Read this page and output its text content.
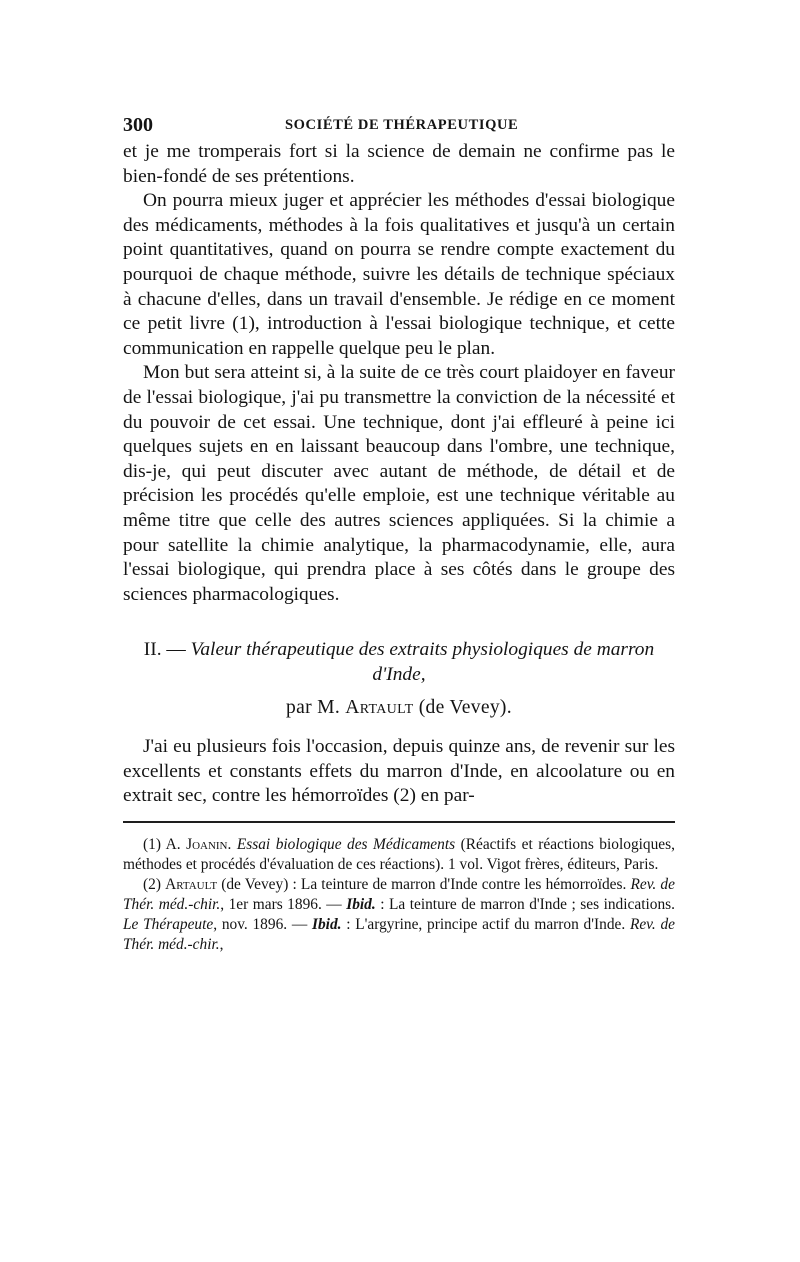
300	SOCIÉTÉ DE THÉRAPEUTIQUE

et je me tromperais fort si la science de demain ne confirme pas le bien-fondé de ses prétentions.

On pourra mieux juger et apprécier les méthodes d'essai biologique des médicaments, méthodes à la fois qualitatives et jusqu'à un certain point quantitatives, quand on pourra se rendre compte exactement du pourquoi de chaque méthode, suivre les détails de technique spéciaux à chacune d'elles, dans un travail d'ensemble. Je rédige en ce moment ce petit livre (1), introduction à l'essai biologique technique, et cette communication en rappelle quelque peu le plan.

Mon but sera atteint si, à la suite de ce très court plaidoyer en faveur de l'essai biologique, j'ai pu transmettre la conviction de la nécessité et du pouvoir de cet essai. Une technique, dont j'ai effleuré à peine ici quelques sujets en en laissant beaucoup dans l'ombre, une technique, dis-je, qui peut discuter avec autant de méthode, de détail et de précision les procédés qu'elle emploie, est une technique véritable au même titre que celle des autres sciences appliquées. Si la chimie a pour satellite la chimie analytique, la pharmacodynamie, elle, aura l'essai biologique, qui prendra place à ses côtés dans le groupe des sciences pharmacologiques.

II. — Valeur thérapeutique des extraits physiologiques de marron
d'Inde,
par M. Artault (de Vevey).

J'ai eu plusieurs fois l'occasion, depuis quinze ans, de revenir sur les excellents et constants effets du marron d'Inde, en alcoolature ou en extrait sec, contre les hémorroïdes (2) en par-

(1) A. Joanin. Essai biologique des Médicaments (Réactifs et réactions biologiques, méthodes et procédés d'évaluation de ces réactions). 1 vol. Vigot frères, éditeurs, Paris.

(2) Artault (de Vevey) : La teinture de marron d'Inde contre les hémorroïdes. Rev. de Thér. méd.-chir., 1er mars 1896. — Ibid. : La teinture de marron d'Inde ; ses indications. Le Thérapeute, nov. 1896. — Ibid. : L'argyrine, principe actif du marron d'Inde. Rev. de Thér. méd.-chir.,
